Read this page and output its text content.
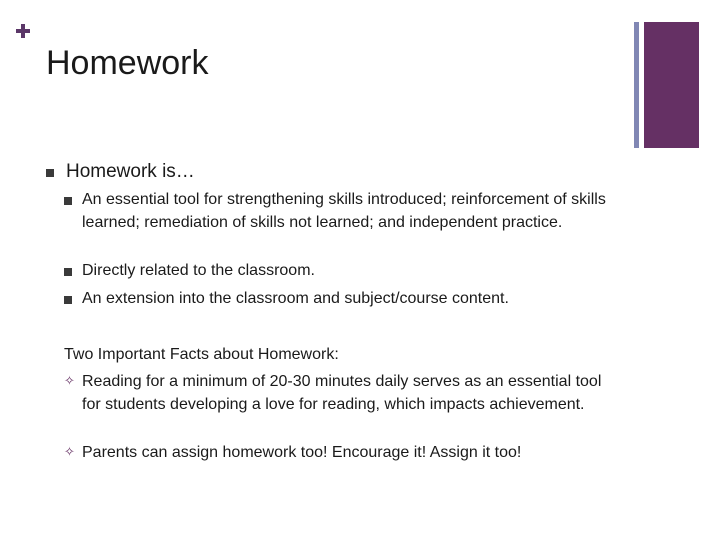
Homework
Homework is…
An essential tool for strengthening skills introduced; reinforcement of skills learned; remediation of skills not learned; and independent practice.
Directly related to the classroom.
An extension into the classroom and subject/course content.
Two Important Facts about Homework:
✧ Reading for a minimum of 20-30 minutes daily serves as an essential tool for students developing a love for reading, which impacts achievement.
✧ Parents can assign homework too! Encourage it! Assign it too!
